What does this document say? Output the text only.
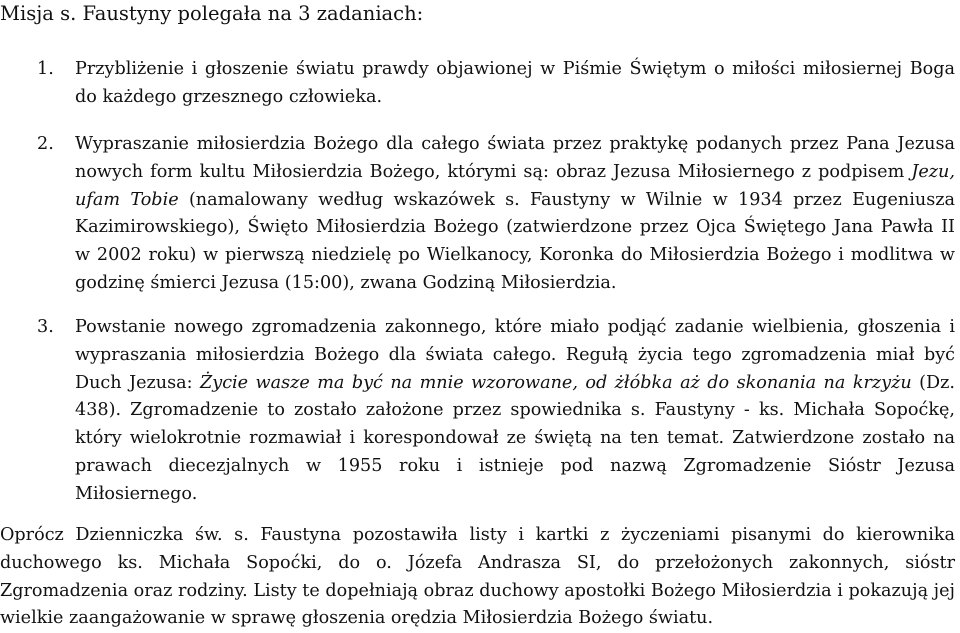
Misja s. Faustyny polegała na 3 zadaniach:
1. Przybliżenie i głoszenie światu prawdy objawionej w Piśmie Świętym o miłości miłosiernej Boga do każdego grzesznego człowieka.
2. Wypraszanie miłosierdzia Bożego dla całego świata przez praktykę podanych przez Pana Jezusa nowych form kultu Miłosierdzia Bożego, którymi są: obraz Jezusa Miłosiernego z podpisem Jezu, ufam Tobie (namalowany według wskazówek s. Faustyny w Wilnie w 1934 przez Eugeniusza Kazimirowskiego), Święto Miłosierdzia Bożego (zatwierdzone przez Ojca Świętego Jana Pawła II w 2002 roku) w pierwszą niedzielę po Wielkanocy, Koronka do Miłosierdzia Bożego i modlitwa w godzinę śmierci Jezusa (15:00), zwana Godziną Miłosierdzia.
3. Powstanie nowego zgromadzenia zakonnego, które miało podjąć zadanie wielbienia, głoszenia i wypraszania miłosierdzia Bożego dla świata całego. Regułą życia tego zgromadzenia miał być Duch Jezusa: Życie wasze ma być na mnie wzorowane, od żłóbka aż do skonania na krzyżu (Dz. 438). Zgromadzenie to zostało założone przez spowiednika s. Faustyny - ks. Michała Sopoćkę, który wielokrotnie rozmawiał i korespondował ze świętą na ten temat. Zatwierdzone zostało na prawach diecezjalnych w 1955 roku i istnieje pod nazwą Zgromadzenie Sióstr Jezusa Miłosiernego.
Oprócz Dzienniczka św. s. Faustyna pozostawiła listy i kartki z życzeniami pisanymi do kierownika duchowego ks. Michała Sopoćki, do o. Józefa Andrasza SI, do przełożonych zakonnych, sióstr Zgromadzenia oraz rodziny. Listy te dopełniają obraz duchowy apostołki Bożego Miłosierdzia i pokazują jej wielkie zaangażowanie w sprawę głoszenia orędzia Miłosierdzia Bożego światu.
